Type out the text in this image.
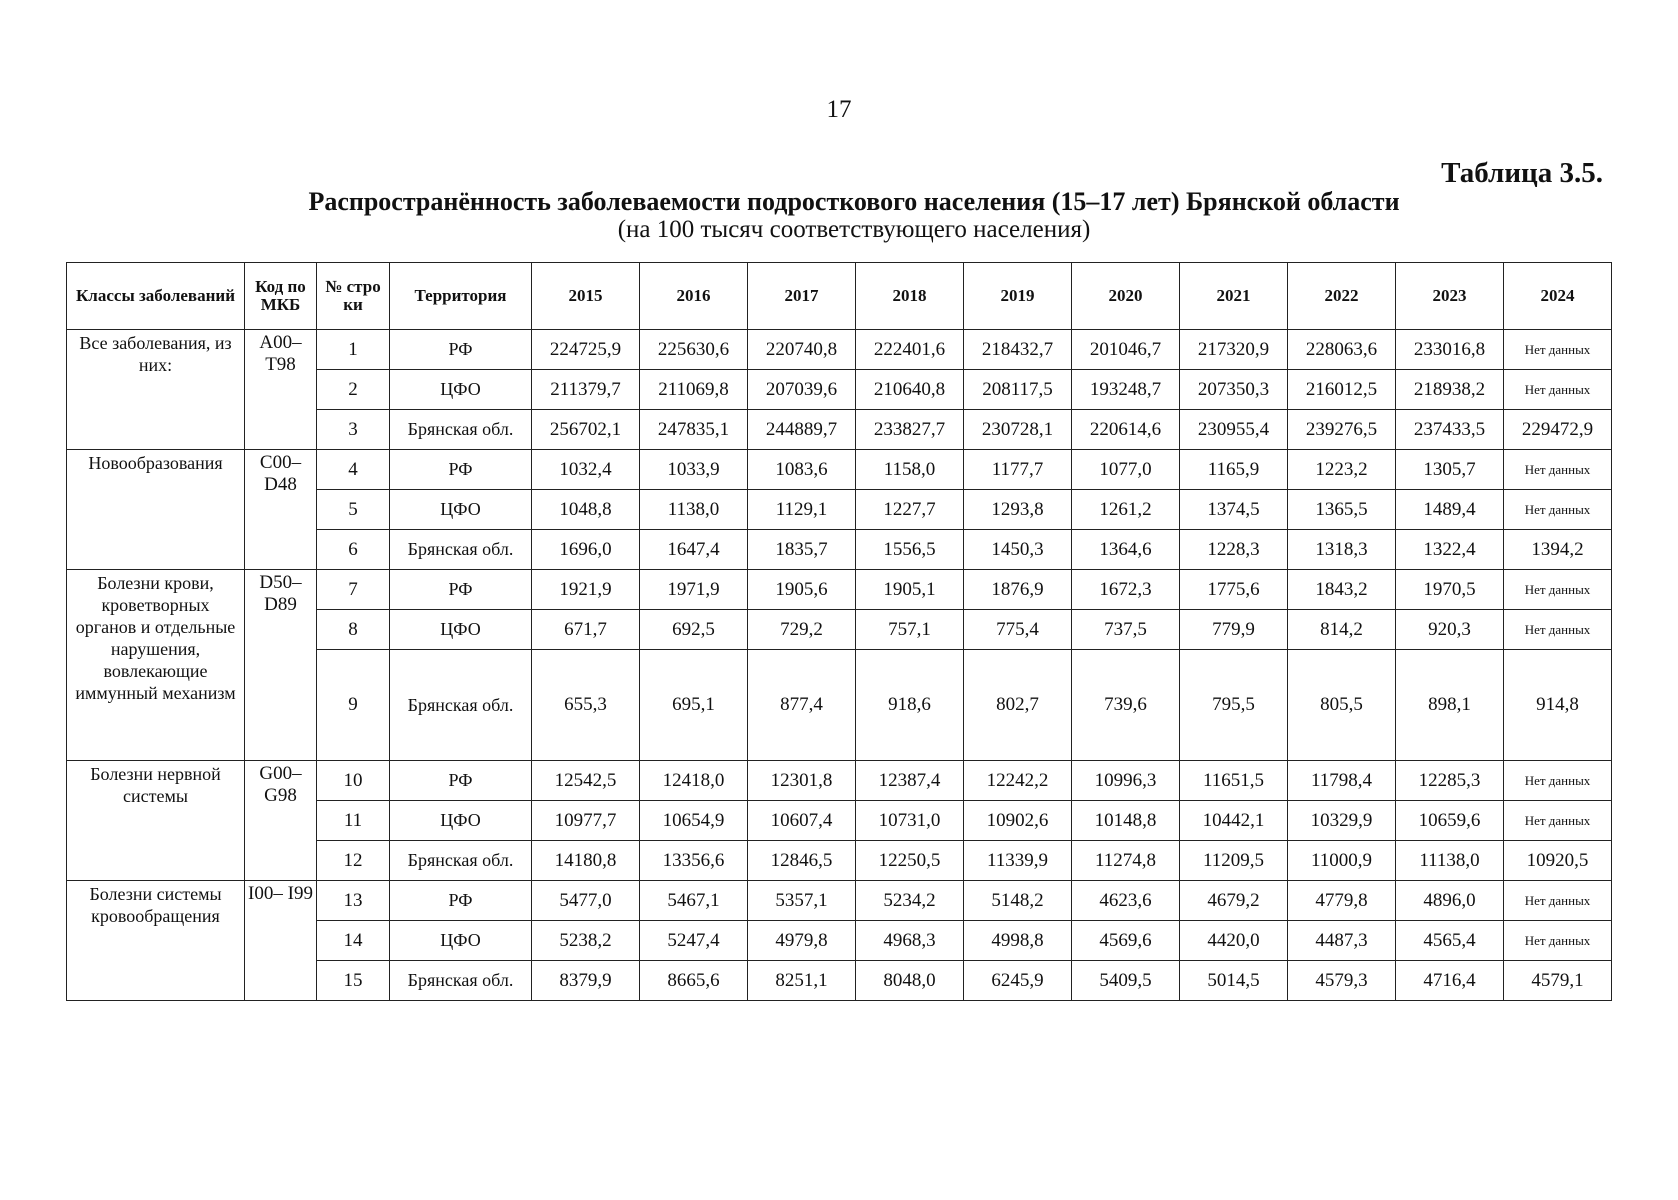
17
Таблица 3.5.
Распространённость заболеваемости подросткового населения (15–17 лет) Брянской области
(на 100 тысяч соответствующего населения)
Классы заболеваний	Код по МКБ	№ стро ки	Территория	2015	2016	2017	2018	2019	2020	2021	2022	2023	2024
Все заболевания, из них:	A00– T98	1	РФ	224725,9	225630,6	220740,8	222401,6	218432,7	201046,7	217320,9	228063,6	233016,8	Нет данных
		2	ЦФО	211379,7	211069,8	207039,6	210640,8	208117,5	193248,7	207350,3	216012,5	218938,2	Нет данных
		3	Брянская обл.	256702,1	247835,1	244889,7	233827,7	230728,1	220614,6	230955,4	239276,5	237433,5	229472,9
Новообразования	C00– D48	4	РФ	1032,4	1033,9	1083,6	1158,0	1177,7	1077,0	1165,9	1223,2	1305,7	Нет данных
		5	ЦФО	1048,8	1138,0	1129,1	1227,7	1293,8	1261,2	1374,5	1365,5	1489,4	Нет данных
		6	Брянская обл.	1696,0	1647,4	1835,7	1556,5	1450,3	1364,6	1228,3	1318,3	1322,4	1394,2
Болезни крови, кроветворных органов и отдельные нарушения, вовлекающие иммунный механизм	D50– D89	7	РФ	1921,9	1971,9	1905,6	1905,1	1876,9	1672,3	1775,6	1843,2	1970,5	Нет данных
		8	ЦФО	671,7	692,5	729,2	757,1	775,4	737,5	779,9	814,2	920,3	Нет данных
		9	Брянская обл.	655,3	695,1	877,4	918,6	802,7	739,6	795,5	805,5	898,1	914,8
Болезни нервной системы	G00– G98	10	РФ	12542,5	12418,0	12301,8	12387,4	12242,2	10996,3	11651,5	11798,4	12285,3	Нет данных
		11	ЦФО	10977,7	10654,9	10607,4	10731,0	10902,6	10148,8	10442,1	10329,9	10659,6	Нет данных
		12	Брянская обл.	14180,8	13356,6	12846,5	12250,5	11339,9	11274,8	11209,5	11000,9	11138,0	10920,5
Болезни системы кровообращения	I00– I99	13	РФ	5477,0	5467,1	5357,1	5234,2	5148,2	4623,6	4679,2	4779,8	4896,0	Нет данных
		14	ЦФО	5238,2	5247,4	4979,8	4968,3	4998,8	4569,6	4420,0	4487,3	4565,4	Нет данных
		15	Брянская обл.	8379,9	8665,6	8251,1	8048,0	6245,9	5409,5	5014,5	4579,3	4716,4	4579,1
